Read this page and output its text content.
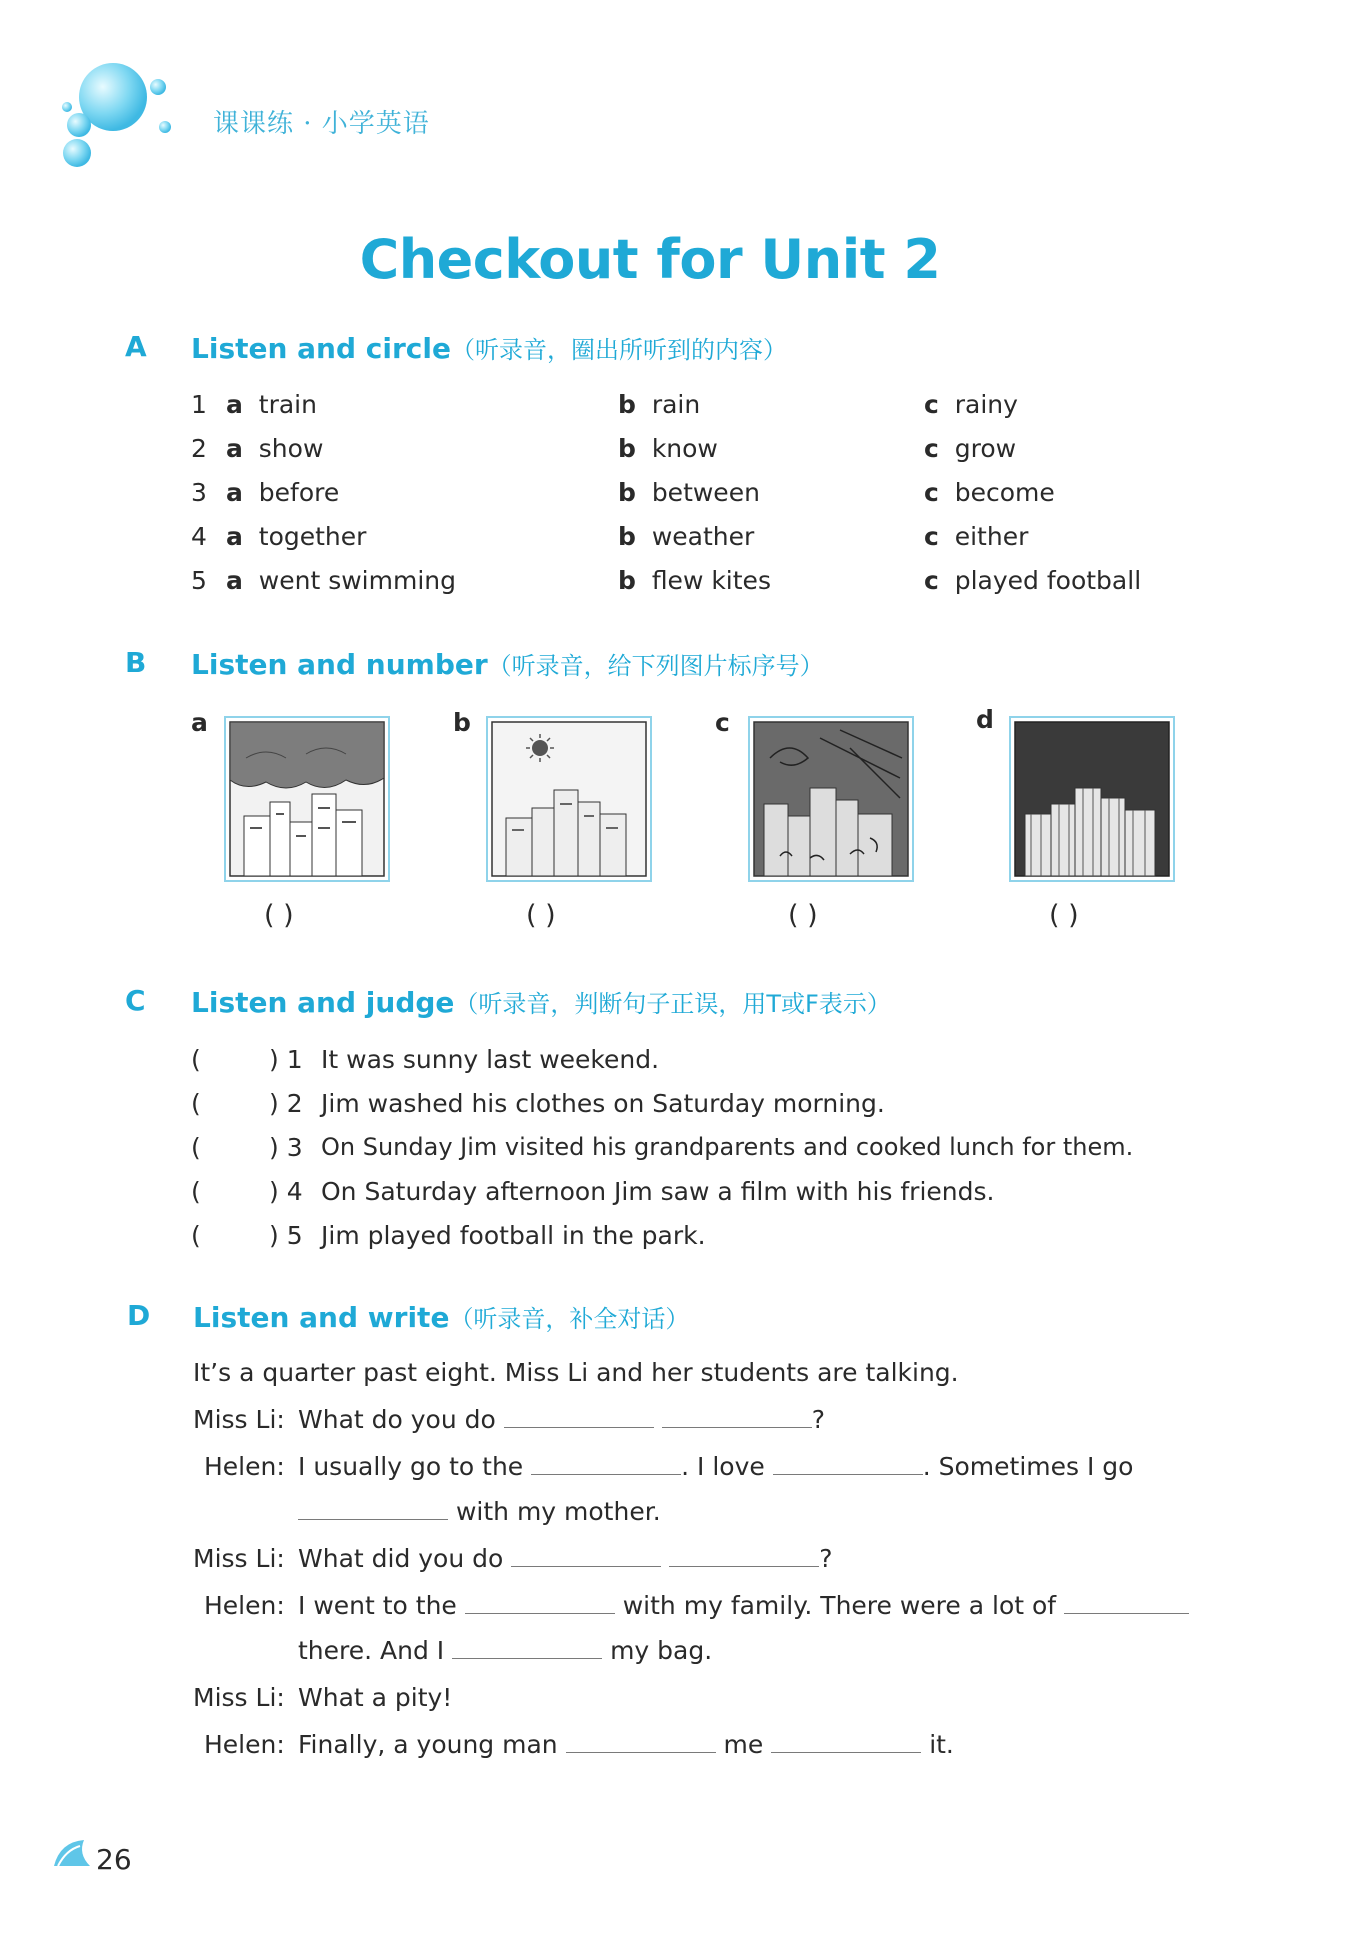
课课练 · 小学英语
Checkout for Unit 2
A Listen and circle（听录音，圈出所听到的内容）
1 a train	b rain	c rainy
2 a show	b know	c grow
3 a before	b between	c become
4 a together	b weather	c either
5 a went swimming	b flew kites	c played football
B Listen and number（听录音，给下列图片标序号）
a
( )
b
( )
c
( )
d
( )
C Listen and judge（听录音，判断句子正误，用T或F表示）
(	) 1 It was sunny last weekend.
(	) 2 Jim washed his clothes on Saturday morning.
(	) 3 On Sunday Jim visited his grandparents and cooked lunch for them.
(	) 4 On Saturday afternoon Jim saw a film with his friends.
(	) 5 Jim played football in the park.
D Listen and write（听录音，补全对话）
It’s a quarter past eight. Miss Li and her students are talking.
Miss Li: What do you do	?
Helen: I usually go to the	. I love	. Sometimes I go
with my mother.
Miss Li: What did you do	?
Helen: I went to the	with my family. There were a lot of
there. And I	my bag.
Miss Li: What a pity!
Helen: Finally, a young man	me	it.
26
